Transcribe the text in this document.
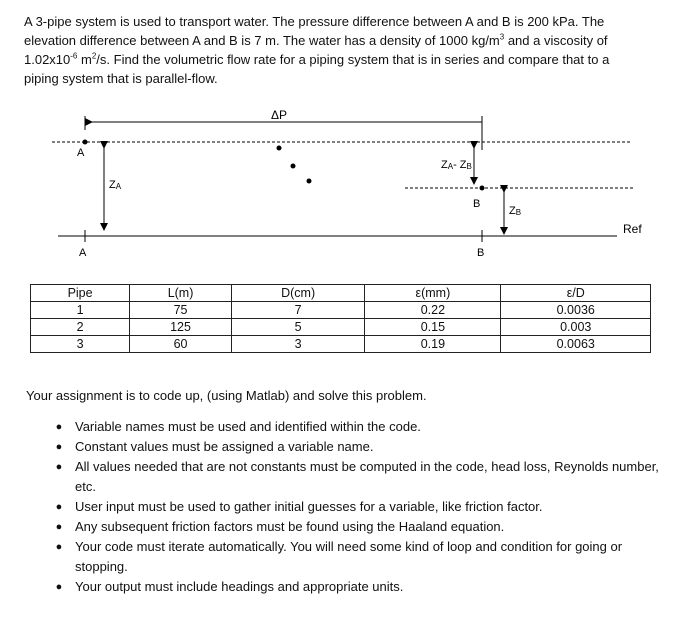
A 3-pipe system is used to transport water. The pressure difference between A and B is 200 kPa. The

elevation difference between A and B is 7 m. The water has a density of 1000 $kg/m^3$ and a viscosity of

$1.02x10^{-6}$ $m^2/s$. Find the volumetric flow rate for a piping system that is in series and compare that to a

piping system that is parallel-flow.

ΔP
A
ZA
ZA- ZB
B
ZB
Ref
A	B
Pipe	L(m)	D(cm)	ε(mm)	ε/D
1	75	7	0.22	0.0036
2	125	5	0.15	0.003
3	60	3	0.19	0.0063

Your assignment is to code up, (using Matlab) and solve this problem.

● Variable names must be used and identified within the code.
● Constant values must be assigned a variable name.
● All values needed that are not constants must be computed in the code, head loss, Reynolds number, etc.
● User input must be used to gather initial guesses for a variable, like friction factor.
● Any subsequent friction factors must be found using the Haaland equation.
● Your code must iterate automatically. You will need some kind of loop and condition for going or stopping.
● Your output must include headings and appropriate units.
